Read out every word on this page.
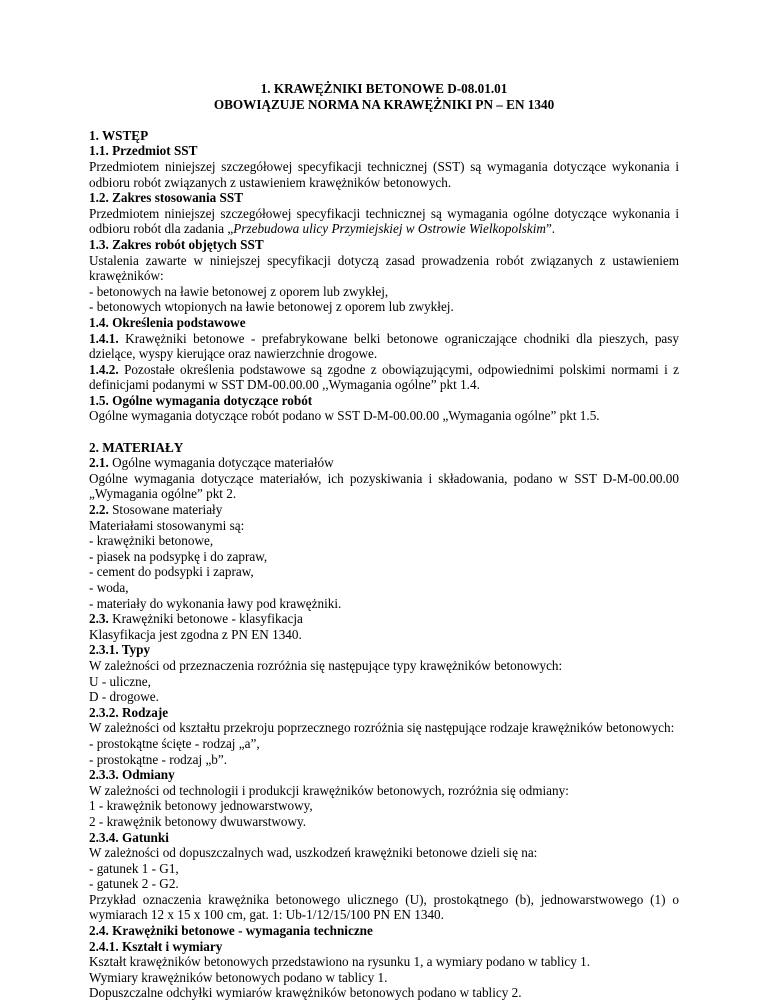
1. KRAWĘŻNIKI BETONOWE D-08.01.01
OBOWIĄZUJE NORMA NA KRAWĘŻNIKI PN – EN 1340
1. WSTĘP
1.1. Przedmiot SST
Przedmiotem niniejszej szczegółowej specyfikacji technicznej (SST) są wymagania dotyczące wykonania i odbioru robót związanych z ustawieniem krawężników betonowych.
1.2. Zakres stosowania SST
Przedmiotem niniejszej szczegółowej specyfikacji technicznej są wymagania ogólne dotyczące wykonania i odbioru robót dla zadania „Przebudowa ulicy Przymiejskiej w Ostrowie Wielkopolskim”.
1.3. Zakres robót objętych SST
Ustalenia zawarte w niniejszej specyfikacji dotyczą zasad prowadzenia robót związanych z ustawieniem krawężników:
- betonowych na ławie betonowej z oporem lub zwykłej,
- betonowych wtopionych na ławie betonowej z oporem lub zwykłej.
1.4. Określenia podstawowe
1.4.1. Krawężniki betonowe - prefabrykowane belki betonowe ograniczające chodniki dla pieszych, pasy dzielące, wyspy kierujące oraz nawierzchnie drogowe.
1.4.2. Pozostałe określenia podstawowe są zgodne z obowiązującymi, odpowiednimi polskimi normami i z definicjami podanymi w SST DM-00.00.00 ,,Wymagania ogólne” pkt 1.4.
1.5. Ogólne wymagania dotyczące robót
Ogólne wymagania dotyczące robót podano w SST D-M-00.00.00 „Wymagania ogólne” pkt 1.5.
2. MATERIAŁY
2.1. Ogólne wymagania dotyczące materiałów
Ogólne wymagania dotyczące materiałów, ich pozyskiwania i składowania, podano w SST D-M-00.00.00 „Wymagania ogólne” pkt 2.
2.2. Stosowane materiały
Materiałami stosowanymi są:
- krawężniki betonowe,
- piasek na podsypkę i do zapraw,
- cement do podsypki i zapraw,
- woda,
- materiały do wykonania ławy pod krawężniki.
2.3. Krawężniki betonowe - klasyfikacja
Klasyfikacja jest zgodna z PN EN 1340.
2.3.1. Typy
W zależności od przeznaczenia rozróżnia się następujące typy krawężników betonowych:
U - uliczne,
D - drogowe.
2.3.2. Rodzaje
W zależności od kształtu przekroju poprzecznego rozróżnia się następujące rodzaje krawężników betonowych:
- prostokątne ścięte - rodzaj „a”,
- prostokątne - rodzaj „b”.
2.3.3. Odmiany
W zależności od technologii i produkcji krawężników betonowych, rozróżnia się odmiany:
1 - krawężnik betonowy jednowarstwowy,
2 - krawężnik betonowy dwuwarstwowy.
2.3.4. Gatunki
W zależności od dopuszczalnych wad, uszkodzeń krawężniki betonowe dzieli się na:
- gatunek 1 - G1,
- gatunek 2 - G2.
Przykład oznaczenia krawężnika betonowego ulicznego (U), prostokątnego (b), jednowarstwowego (1) o wymiarach 12 x 15 x 100 cm, gat. 1: Ub-1/12/15/100 PN EN 1340.
2.4. Krawężniki betonowe - wymagania techniczne
2.4.1. Kształt i wymiary
Kształt krawężników betonowych przedstawiono na rysunku 1, a wymiary podano w tablicy 1.
Wymiary krawężników betonowych podano w tablicy 1.
Dopuszczalne odchyłki wymiarów krawężników betonowych podano w tablicy 2.
